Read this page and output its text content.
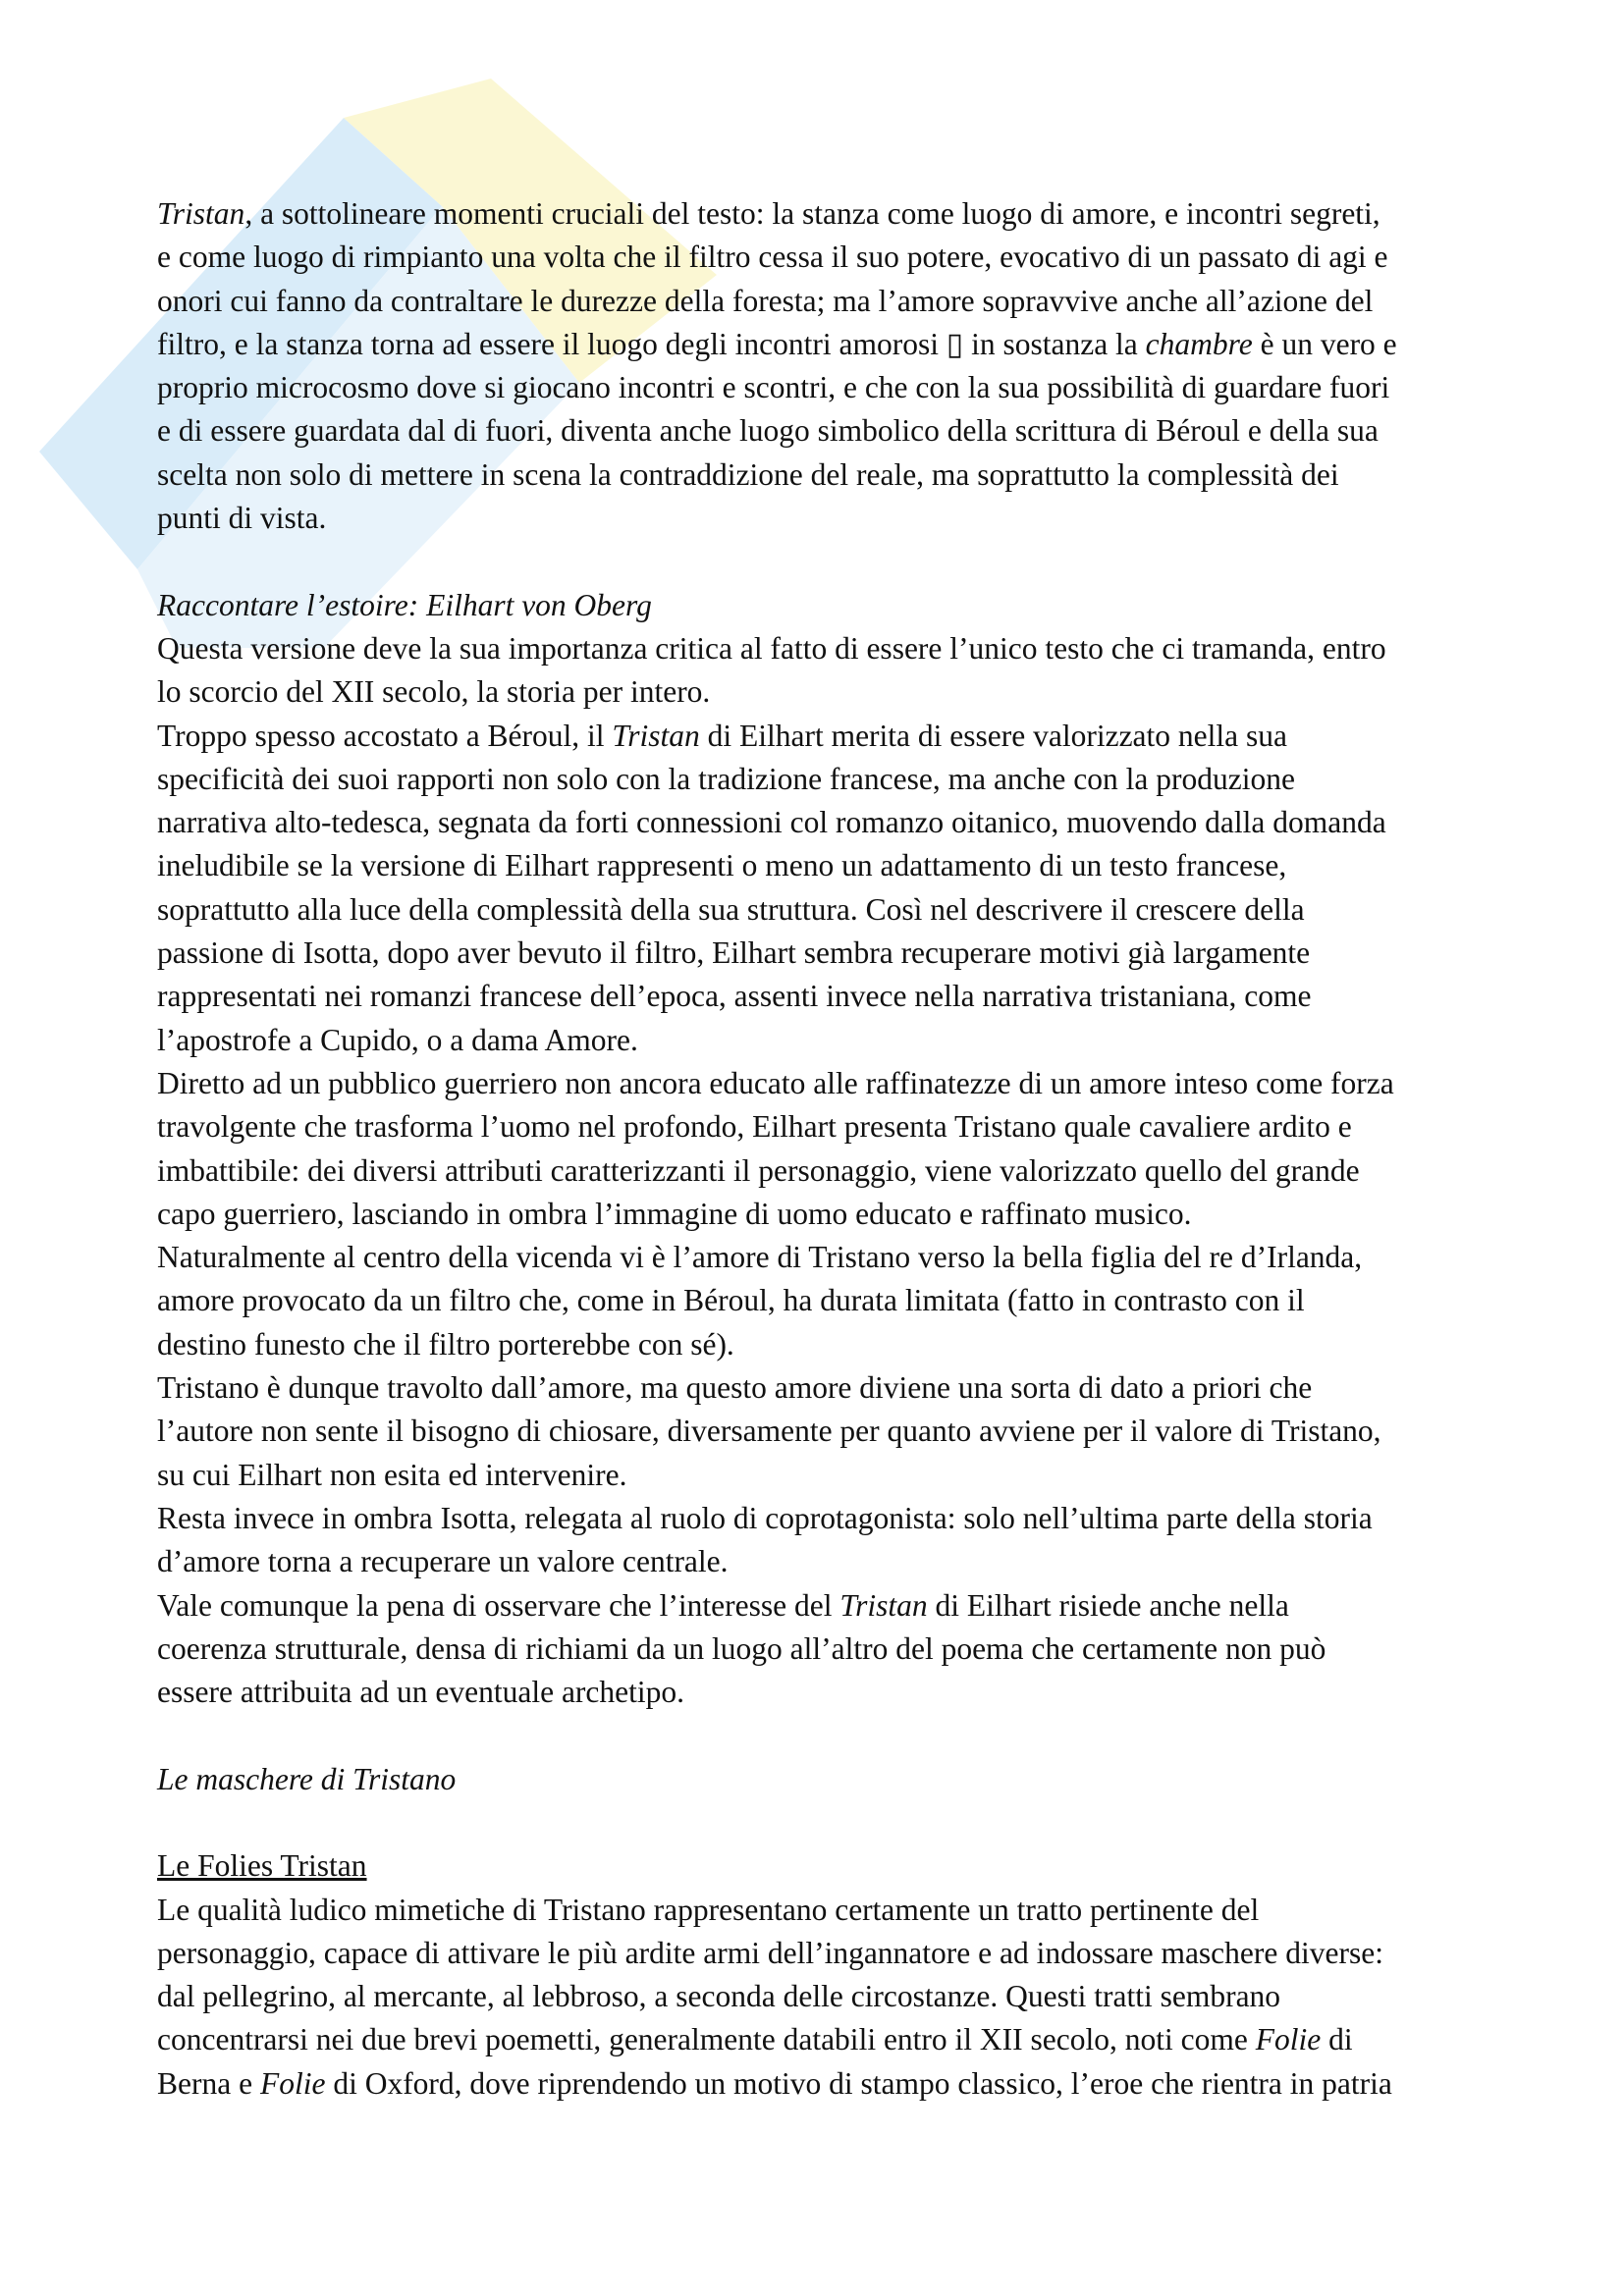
Tristan, a sottolineare momenti cruciali del testo: la stanza come luogo di amore, e incontri segreti,
e come luogo di rimpianto una volta che il filtro cessa il suo potere, evocativo di un passato di agi e
onori cui fanno da contraltare le durezze della foresta; ma l’amore sopravvive anche all’azione del
filtro, e la stanza torna ad essere il luogo degli incontri amorosi ▯ in sostanza la chambre è un vero e
proprio microcosmo dove si giocano incontri e scontri, e che con la sua possibilità di guardare fuori
e di essere guardata dal di fuori, diventa anche luogo simbolico della scrittura di Béroul e della sua
scelta non solo di mettere in scena la contraddizione del reale, ma soprattutto la complessità dei
punti di vista.
Raccontare l’estoire: Eilhart von Oberg
Questa versione deve la sua importanza critica al fatto di essere l’unico testo che ci tramanda, entro
lo scorcio del XII secolo, la storia per intero.
Troppo spesso accostato a Béroul, il Tristan di Eilhart merita di essere valorizzato nella sua
specificità dei suoi rapporti non solo con la tradizione francese, ma anche con la produzione
narrativa alto-tedesca, segnata da forti connessioni col romanzo oitanico, muovendo dalla domanda
ineludibile se la versione di Eilhart rappresenti o meno un adattamento di un testo francese,
soprattutto alla luce della complessità della sua struttura. Così nel descrivere il crescere della
passione di Isotta, dopo aver bevuto il filtro, Eilhart sembra recuperare motivi già largamente
rappresentati nei romanzi francese dell’epoca, assenti invece nella narrativa tristaniana, come
l’apostrofe a Cupido, o a dama Amore.
Diretto ad un pubblico guerriero non ancora educato alle raffinatezze di un amore inteso come forza
travolgente che trasforma l’uomo nel profondo, Eilhart presenta Tristano quale cavaliere ardito e
imbattibile: dei diversi attributi caratterizzanti il personaggio, viene valorizzato quello del grande
capo guerriero, lasciando in ombra l’immagine di uomo educato e raffinato musico.
Naturalmente al centro della vicenda vi è l’amore di Tristano verso la bella figlia del re d’Irlanda,
amore provocato da un filtro che, come in Béroul, ha durata limitata (fatto in contrasto con il
destino funesto che il filtro porterebbe con sé).
Tristano è dunque travolto dall’amore, ma questo amore diviene una sorta di dato a priori che
l’autore non sente il bisogno di chiosare, diversamente per quanto avviene per il valore di Tristano,
su cui Eilhart non esita ed intervenire.
Resta invece in ombra Isotta, relegata al ruolo di coprotagonista: solo nell’ultima parte della storia
d’amore torna a recuperare un valore centrale.
Vale comunque la pena di osservare che l’interesse del Tristan di Eilhart risiede anche nella
coerenza strutturale, densa di richiami da un luogo all’altro del poema che certamente non può
essere attribuita ad un eventuale archetipo.
Le maschere di Tristano
Le Folies Tristan
Le qualità ludico mimetiche di Tristano rappresentano certamente un tratto pertinente del
personaggio, capace di attivare le più ardite armi dell’ingannatore e ad indossare maschere diverse:
dal pellegrino, al mercante, al lebbroso, a seconda delle circostanze. Questi tratti sembrano
concentrarsi nei due brevi poemetti, generalmente databili entro il XII secolo, noti come Folie di
Berna e Folie di Oxford, dove riprendendo un motivo di stampo classico, l’eroe che rientra in patria
